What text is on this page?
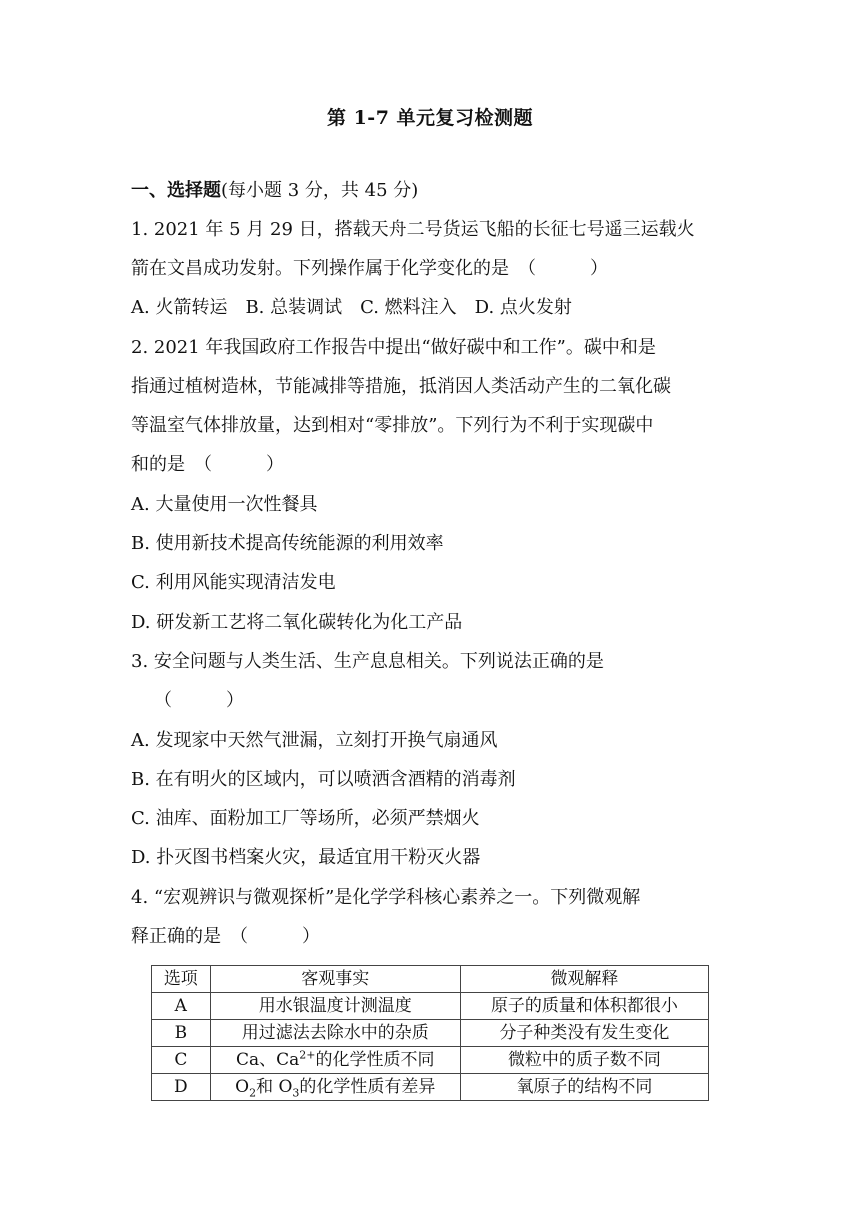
第 1-7 单元复习检测题
一、选择题(每小题 3 分，共 45 分)
1. 2021 年 5 月 29 日，搭载天舟二号货运飞船的长征七号遥三运载火
箭在文昌成功发射。下列操作属于化学变化的是　（　　　）
A. 火箭转运　B. 总装调试　C. 燃料注入　D. 点火发射
2. 2021 年我国政府工作报告中提出“做好碳中和工作”。碳中和是
指通过植树造林，节能减排等措施，抵消因人类活动产生的二氧化碳
等温室气体排放量，达到相对“零排放”。下列行为不利于实现碳中
和的是　（　　　）
A. 大量使用一次性餐具
B. 使用新技术提高传统能源的利用效率
C. 利用风能实现清洁发电
D. 研发新工艺将二氧化碳转化为化工产品
3. 安全问题与人类生活、生产息息相关。下列说法正确的是
（　　　）
A. 发现家中天然气泄漏，立刻打开换气扇通风
B. 在有明火的区域内，可以喷洒含酒精的消毒剂
C. 油库、面粉加工厂等场所，必须严禁烟火
D. 扑灭图书档案火灾，最适宜用干粉灭火器
4. “宏观辨识与微观探析”是化学学科核心素养之一。下列微观解
释正确的是　（　　　）
选项	客观事实	微观解释
A	用水银温度计测温度	原子的质量和体积都很小
B	用过滤法去除水中的杂质	分子种类没有发生变化
C	Ca、$Ca^{2+}$的化学性质不同	微粒中的质子数不同
D	$O_2$和 $O_3$的化学性质有差异	氧原子的结构不同
